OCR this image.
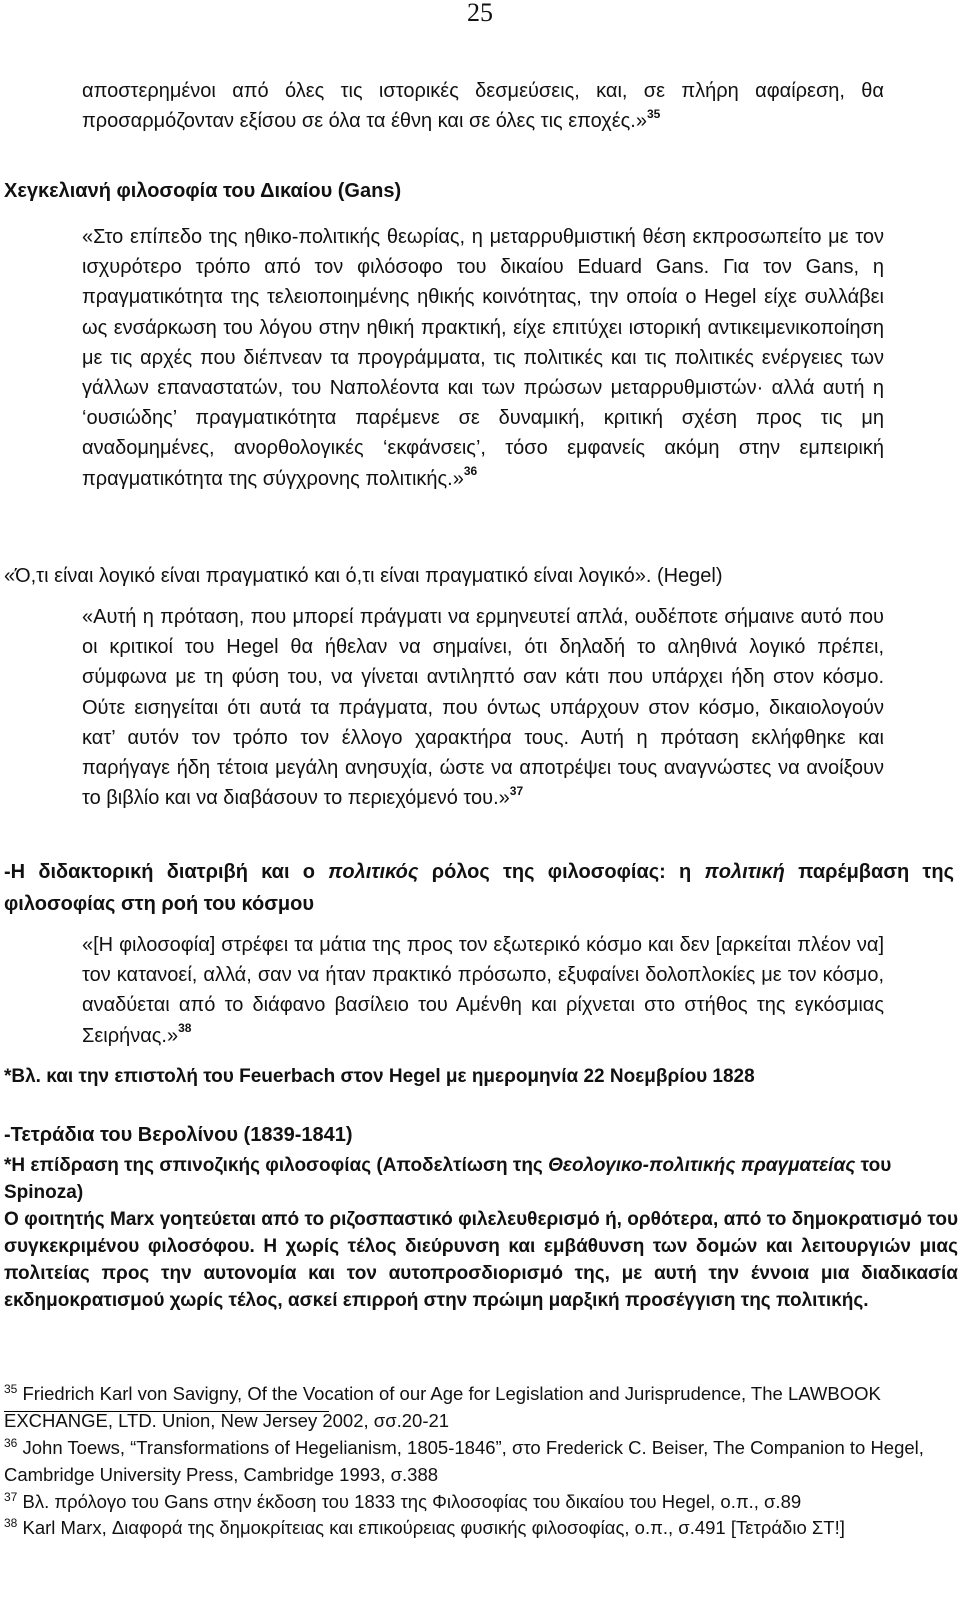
25
αποστερημένοι από όλες τις ιστορικές δεσμεύσεις, και, σε πλήρη αφαίρεση, θα προσαρμόζονταν εξίσου σε όλα τα έθνη και σε όλες τις εποχές.»$^{35}$
Χεγκελιανή φιλοσοφία του Δικαίου (Gans)
«Στο επίπεδο της ηθικο-πολιτικής θεωρίας, η μεταρρυθμιστική θέση εκπροσωπείτο με τον ισχυρότερο τρόπο από τον φιλόσοφο του δικαίου Eduard Gans. Για τον Gans, η πραγματικότητα της τελειοποιημένης ηθικής κοινότητας, την οποία ο Hegel είχε συλλάβει ως ενσάρκωση του λόγου στην ηθική πρακτική, είχε επιτύχει ιστορική αντικειμενικοποίηση με τις αρχές που διέπνεαν τα προγράμματα, τις πολιτικές και τις πολιτικές ενέργειες των γάλλων επαναστατών, του Ναπολέοντα και των πρώσων μεταρρυθμιστών· αλλά αυτή η ‘ουσιώδης’ πραγματικότητα παρέμενε σε δυναμική, κριτική σχέση προς τις μη αναδομημένες, ανορθολογικές ‘εκφάνσεις’, τόσο εμφανείς ακόμη στην εμπειρική πραγματικότητα της σύγχρονης πολιτικής.»$^{36}$
«Ό,τι είναι λογικό είναι πραγματικό και ό,τι είναι πραγματικό είναι λογικό». (Hegel)
«Αυτή η πρόταση, που μπορεί πράγματι να ερμηνευτεί απλά, ουδέποτε σήμαινε αυτό που οι κριτικοί του Hegel θα ήθελαν να σημαίνει, ότι δηλαδή το αληθινά λογικό πρέπει, σύμφωνα με τη φύση του, να γίνεται αντιληπτό σαν κάτι που υπάρχει ήδη στον κόσμο. Ούτε εισηγείται ότι αυτά τα πράγματα, που όντως υπάρχουν στον κόσμο, δικαιολογούν κατ’ αυτόν τον τρόπο τον έλλογο χαρακτήρα τους. Αυτή η πρόταση εκλήφθηκε και παρήγαγε ήδη τέτοια μεγάλη ανησυχία, ώστε να αποτρέψει τους αναγνώστες να ανοίξουν το βιβλίο και να διαβάσουν το περιεχόμενό του.»$^{37}$
-Η διδακτορική διατριβή και ο πολιτικός ρόλος της φιλοσοφίας: η πολιτική παρέμβαση της φιλοσοφίας στη ροή του κόσμου
«[Η φιλοσοφία] στρέφει τα μάτια της προς τον εξωτερικό κόσμο και δεν [αρκείται πλέον να] τον κατανοεί, αλλά, σαν να ήταν πρακτικό πρόσωπο, εξυφαίνει δολοπλοκίες με τον κόσμο, αναδύεται από το διάφανο βασίλειο του Αμένθη και ρίχνεται στο στήθος της εγκόσμιας Σειρήνας.»$^{38}$
*Βλ. και την επιστολή του Feuerbach στον Hegel με ημερομηνία 22 Νοεμβρίου 1828
-Τετράδια του Βερολίνου (1839-1841)
*Η επίδραση της σπινοζικής φιλοσοφίας (Αποδελτίωση της Θεολογικο-πολιτικής πραγματείας του Spinoza)
Ο φοιτητής Marx γοητεύεται από το ριζοσπαστικό φιλελευθερισμό ή, ορθότερα, από το δημοκρατισμό του συγκεκριμένου φιλοσόφου. Η χωρίς τέλος διεύρυνση και εμβάθυνση των δομών και λειτουργιών μιας πολιτείας προς την αυτονομία και τον αυτοπροσδιορισμό της, με αυτή την έννοια μια διαδικασία εκδημοκρατισμού χωρίς τέλος, ασκεί επιρροή στην πρώιμη μαρξική προσέγγιση της πολιτικής.
$^{35}$ Friedrich Karl von Savigny, Of the Vocation of our Age for Legislation and Jurisprudence, The LAWBOOK EXCHANGE, LTD. Union, New Jersey 2002, σσ.20-21
$^{36}$ John Toews, “Transformations of Hegelianism, 1805-1846”, στο Frederick C. Beiser, The Companion to Hegel, Cambridge University Press, Cambridge 1993, σ.388
$^{37}$ Βλ. πρόλογο του Gans στην έκδοση του 1833 της Φιλοσοφίας του δικαίου του Hegel, ο.π., σ.89
$^{38}$ Karl Marx, Διαφορά της δημοκρίτειας και επικούρειας φυσικής φιλοσοφίας, ο.π., σ.491 [Τετράδιο ΣΤ!]
